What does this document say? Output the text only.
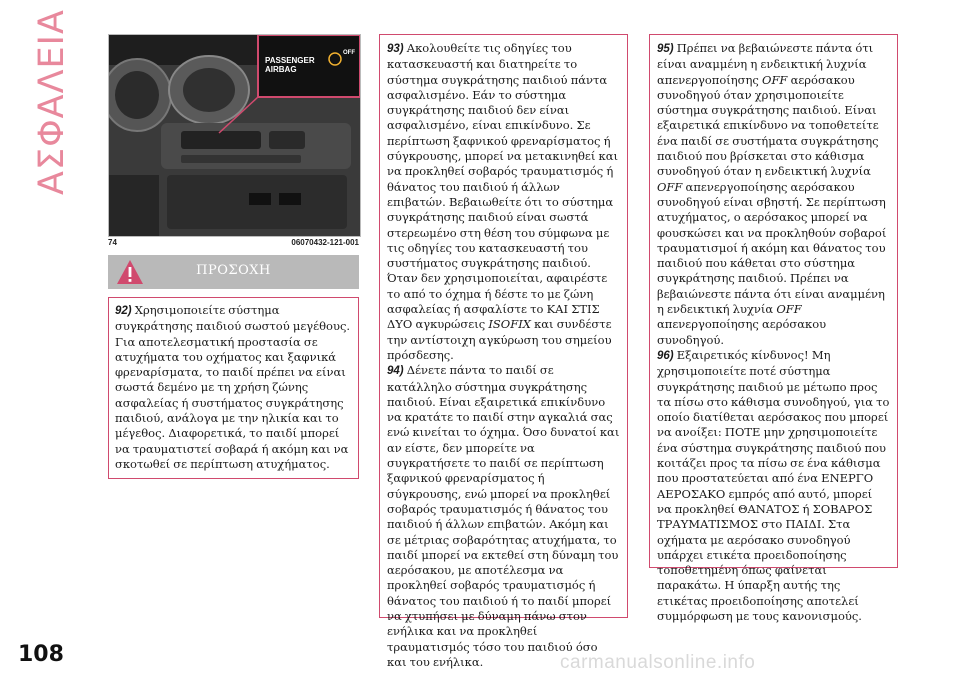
ΑΣΦΑΛΕΙΑ	PASSENGER AIRBAG
OFF
74	06070432-121-001
ΠΡΟΣΟΧΗ

92) Χρησιμοποιείτε σύστημα συγκράτησης παιδιού σωστού μεγέθους. Για αποτελεσματική προστασία σε ατυχήματα του οχήματος και ξαφνικά φρεναρίσματα, το παιδί πρέπει να είναι σωστά δεμένο με τη χρήση ζώνης ασφαλείας ή συστήματος συγκράτησης παιδιού, ανάλογα με την ηλικία και το μέγεθος. Διαφορετικά, το παιδί μπορεί να τραυματιστεί σοβαρά ή ακόμη και να σκοτωθεί σε περίπτωση ατυχήματος.

93) Ακολουθείτε τις οδηγίες του κατασκευαστή και διατηρείτε το σύστημα συγκράτησης παιδιού πάντα ασφαλισμένο. Εάν το σύστημα συγκράτησης παιδιού δεν είναι ασφαλισμένο, είναι επικίνδυνο. Σε περίπτωση ξαφνικού φρεναρίσματος ή σύγκρουσης, μπορεί να μετακινηθεί και να προκληθεί σοβαρός τραυματισμός ή θάνατος του παιδιού ή άλλων επιβατών. Βεβαιωθείτε ότι το σύστημα συγκράτησης παιδιού είναι σωστά στερεωμένο στη θέση του σύμφωνα με τις οδηγίες του κατασκευαστή του συστήματος συγκράτησης παιδιού. Όταν δεν χρησιμοποιείται, αφαιρέστε το από το όχημα ή δέστε το με ζώνη ασφαλείας ή ασφαλίστε το ΚΑΙ ΣΤΙΣ ΔΥΟ αγκυρώσεις ISOFIX και συνδέστε την αντίστοιχη αγκύρωση του σημείου πρόσδεσης.

94) Δένετε πάντα το παιδί σε κατάλληλο σύστημα συγκράτησης παιδιού. Είναι εξαιρετικά επικίνδυνο να κρατάτε το παιδί στην αγκαλιά σας ενώ κινείται το όχημα. Όσο δυνατοί και αν είστε, δεν μπορείτε να συγκρατήσετε το παιδί σε περίπτωση ξαφνικού φρεναρίσματος ή σύγκρουσης, ενώ μπορεί να προκληθεί σοβαρός τραυματισμός ή θάνατος του παιδιού ή άλλων επιβατών. Ακόμη και σε μέτριας σοβαρότητας ατυχήματα, το παιδί μπορεί να εκτεθεί στη δύναμη του αερόσακου, με αποτέλεσμα να προκληθεί σοβαρός τραυματισμός ή θάνατος του παιδιού ή το παιδί μπορεί να χτυπήσει με δύναμη πάνω στον ενήλικα και να προκληθεί τραυματισμός τόσο του παιδιού όσο και του ενήλικα.

95) Πρέπει να βεβαιώνεστε πάντα ότι είναι αναμμένη η ενδεικτική λυχνία απενεργοποίησης OFF αερόσακου συνοδηγού όταν χρησιμοποιείτε σύστημα συγκράτησης παιδιού. Είναι εξαιρετικά επικίνδυνο να τοποθετείτε ένα παιδί σε συστήματα συγκράτησης παιδιού που βρίσκεται στο κάθισμα συνοδηγού όταν η ενδεικτική λυχνία OFF απενεργοποίησης αερόσακου συνοδηγού είναι σβηστή. Σε περίπτωση ατυχήματος, ο αερόσακος μπορεί να φουσκώσει και να προκληθούν σοβαροί τραυματισμοί ή ακόμη και θάνατος του παιδιού που κάθεται στο σύστημα συγκράτησης παιδιού. Πρέπει να βεβαιώνεστε πάντα ότι είναι αναμμένη η ενδεικτική λυχνία OFF απενεργοποίησης αερόσακου συνοδηγού.

96) Εξαιρετικός κίνδυνος! Μη χρησιμοποιείτε ποτέ σύστημα συγκράτησης παιδιού με μέτωπο προς τα πίσω στο κάθισμα συνοδηγού, για το οποίο διατίθεται αερόσακος που μπορεί να ανοίξει: ΠΟΤΕ μην χρησιμοποιείτε ένα σύστημα συγκράτησης παιδιού που κοιτάζει προς τα πίσω σε ένα κάθισμα που προστατεύεται από ένα ΕΝΕΡΓΟ ΑΕΡΟΣΑΚΟ εμπρός από αυτό, μπορεί να προκληθεί ΘΑΝΑΤΟΣ ή ΣΟΒΑΡΟΣ ΤΡΑΥΜΑΤΙΣΜΟΣ στο ΠΑΙΔΙ. Στα οχήματα με αερόσακο συνοδηγού υπάρχει ετικέτα προειδοποίησης τοποθετημένη όπως φαίνεται παρακάτω. Η ύπαρξη αυτής της ετικέτας προειδοποίησης αποτελεί συμμόρφωση με τους κανονισμούς.

108	carmanualsonline.info
